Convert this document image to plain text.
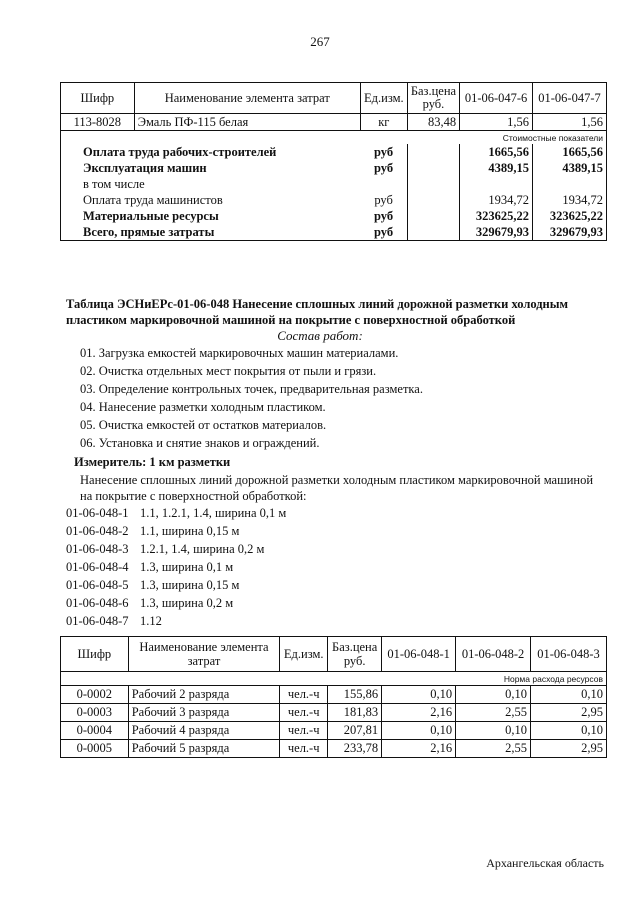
267
Шифр	Наименование элемента затрат	Ед.изм.	Баз.цена руб.	01-06-047-6	01-06-047-7
113-8028	Эмаль ПФ-115 белая	кг	83,48	1,56	1,56
Стоимостные показатели					
Оплата труда рабочих-строителей		руб		1665,56	1665,56
Эксплуатация машин		руб		4389,15	4389,15
в том числе					
Оплата труда машинистов		руб		1934,72	1934,72
Материальные ресурсы		руб		323625,22	323625,22
Всего, прямые затраты		руб		329679,93	329679,93
Таблица ЭСНиЕРс-01-06-048 Нанесение сплошных линий дорожной разметки холодным пластиком маркировочной машиной на покрытие с поверхностной обработкой
Состав работ:
01. Загрузка емкостей маркировочных машин материалами.
02. Очистка отдельных мест покрытия от пыли и грязи.
03. Определение контрольных точек, предварительная разметка.
04. Нанесение разметки холодным пластиком.
05. Очистка емкостей от остатков материалов.
06. Установка и снятие знаков и ограждений.
Измеритель: 1 км разметки
Нанесение сплошных линий дорожной разметки холодным пластиком маркировочной машиной на покрытие с поверхностной обработкой:
01-06-048-1 1.1, 1.2.1, 1.4, ширина 0,1 м
01-06-048-2 1.1, ширина 0,15 м
01-06-048-3 1.2.1, 1.4, ширина 0,2 м
01-06-048-4 1.3, ширина 0,1 м
01-06-048-5 1.3, ширина 0,15 м
01-06-048-6 1.3, ширина 0,2 м
01-06-048-7 1.12
Шифр	Наименование элемента затрат	Ед.изм.	Баз.цена руб.	01-06-048-1	01-06-048-2	01-06-048-3
Норма расхода ресурсов						
0-0002	Рабочий 2 разряда	чел.-ч	155,86	0,10	0,10	0,10
0-0003	Рабочий 3 разряда	чел.-ч	181,83	2,16	2,55	2,95
0-0004	Рабочий 4 разряда	чел.-ч	207,81	0,10	0,10	0,10
0-0005	Рабочий 5 разряда	чел.-ч	233,78	2,16	2,55	2,95
Архангельская область
